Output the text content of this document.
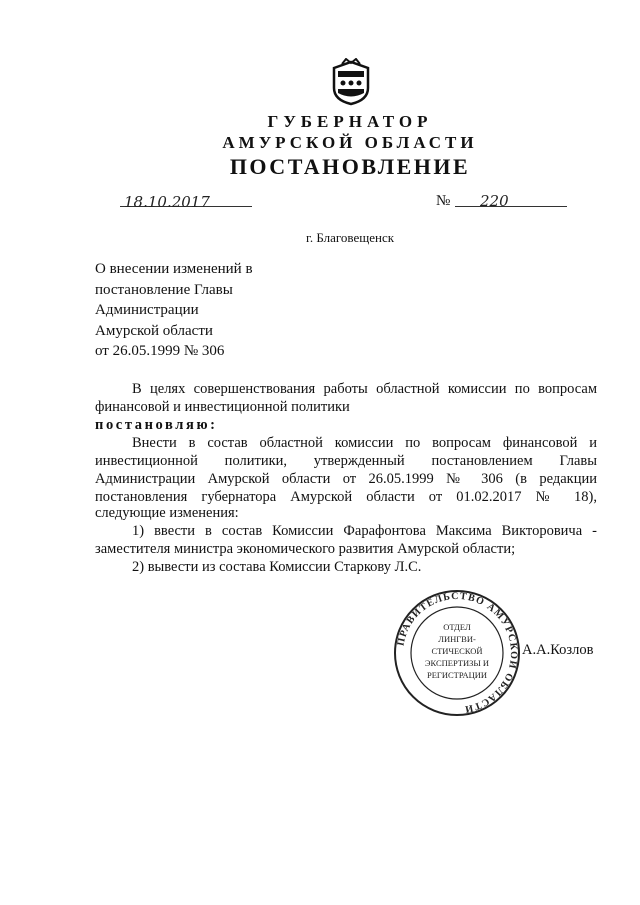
ГУБЕРНАТОР
АМУРСКОЙ ОБЛАСТИ
ПОСТАНОВЛЕНИЕ
18.10.2017	№ 220
г. Благовещенск
О внесении изменений в
постановление Главы
Администрации
Амурской области
от 26.05.1999 № 306
В целях совершенствования работы областной комиссии по вопросам
финансовой и инвестиционной политики
постановляю:
Внести в состав областной комиссии по вопросам финансовой и
инвестиционной политики, утвержденный постановлением Главы
Администрации Амурской области от 26.05.1999 № 306 (в редакции
постановления губернатора Амурской области от 01.02.2017 № 18),
следующие изменения:
1) ввести в состав Комиссии Фарафонтова Максима Викторовича -
заместителя министра экономического развития Амурской области;
2) вывести из состава Комиссии Старкову Л.С.
ПРАВИТЕЛЬСТВО АМУРСКОЙ ОБЛАСТИ
ОТДЕЛ
ЛИНГВИ-
СТИЧЕСКОЙ
ЭКСПЕРТИЗЫ И
РЕГИСТРАЦИИ
А.А.Козлов
